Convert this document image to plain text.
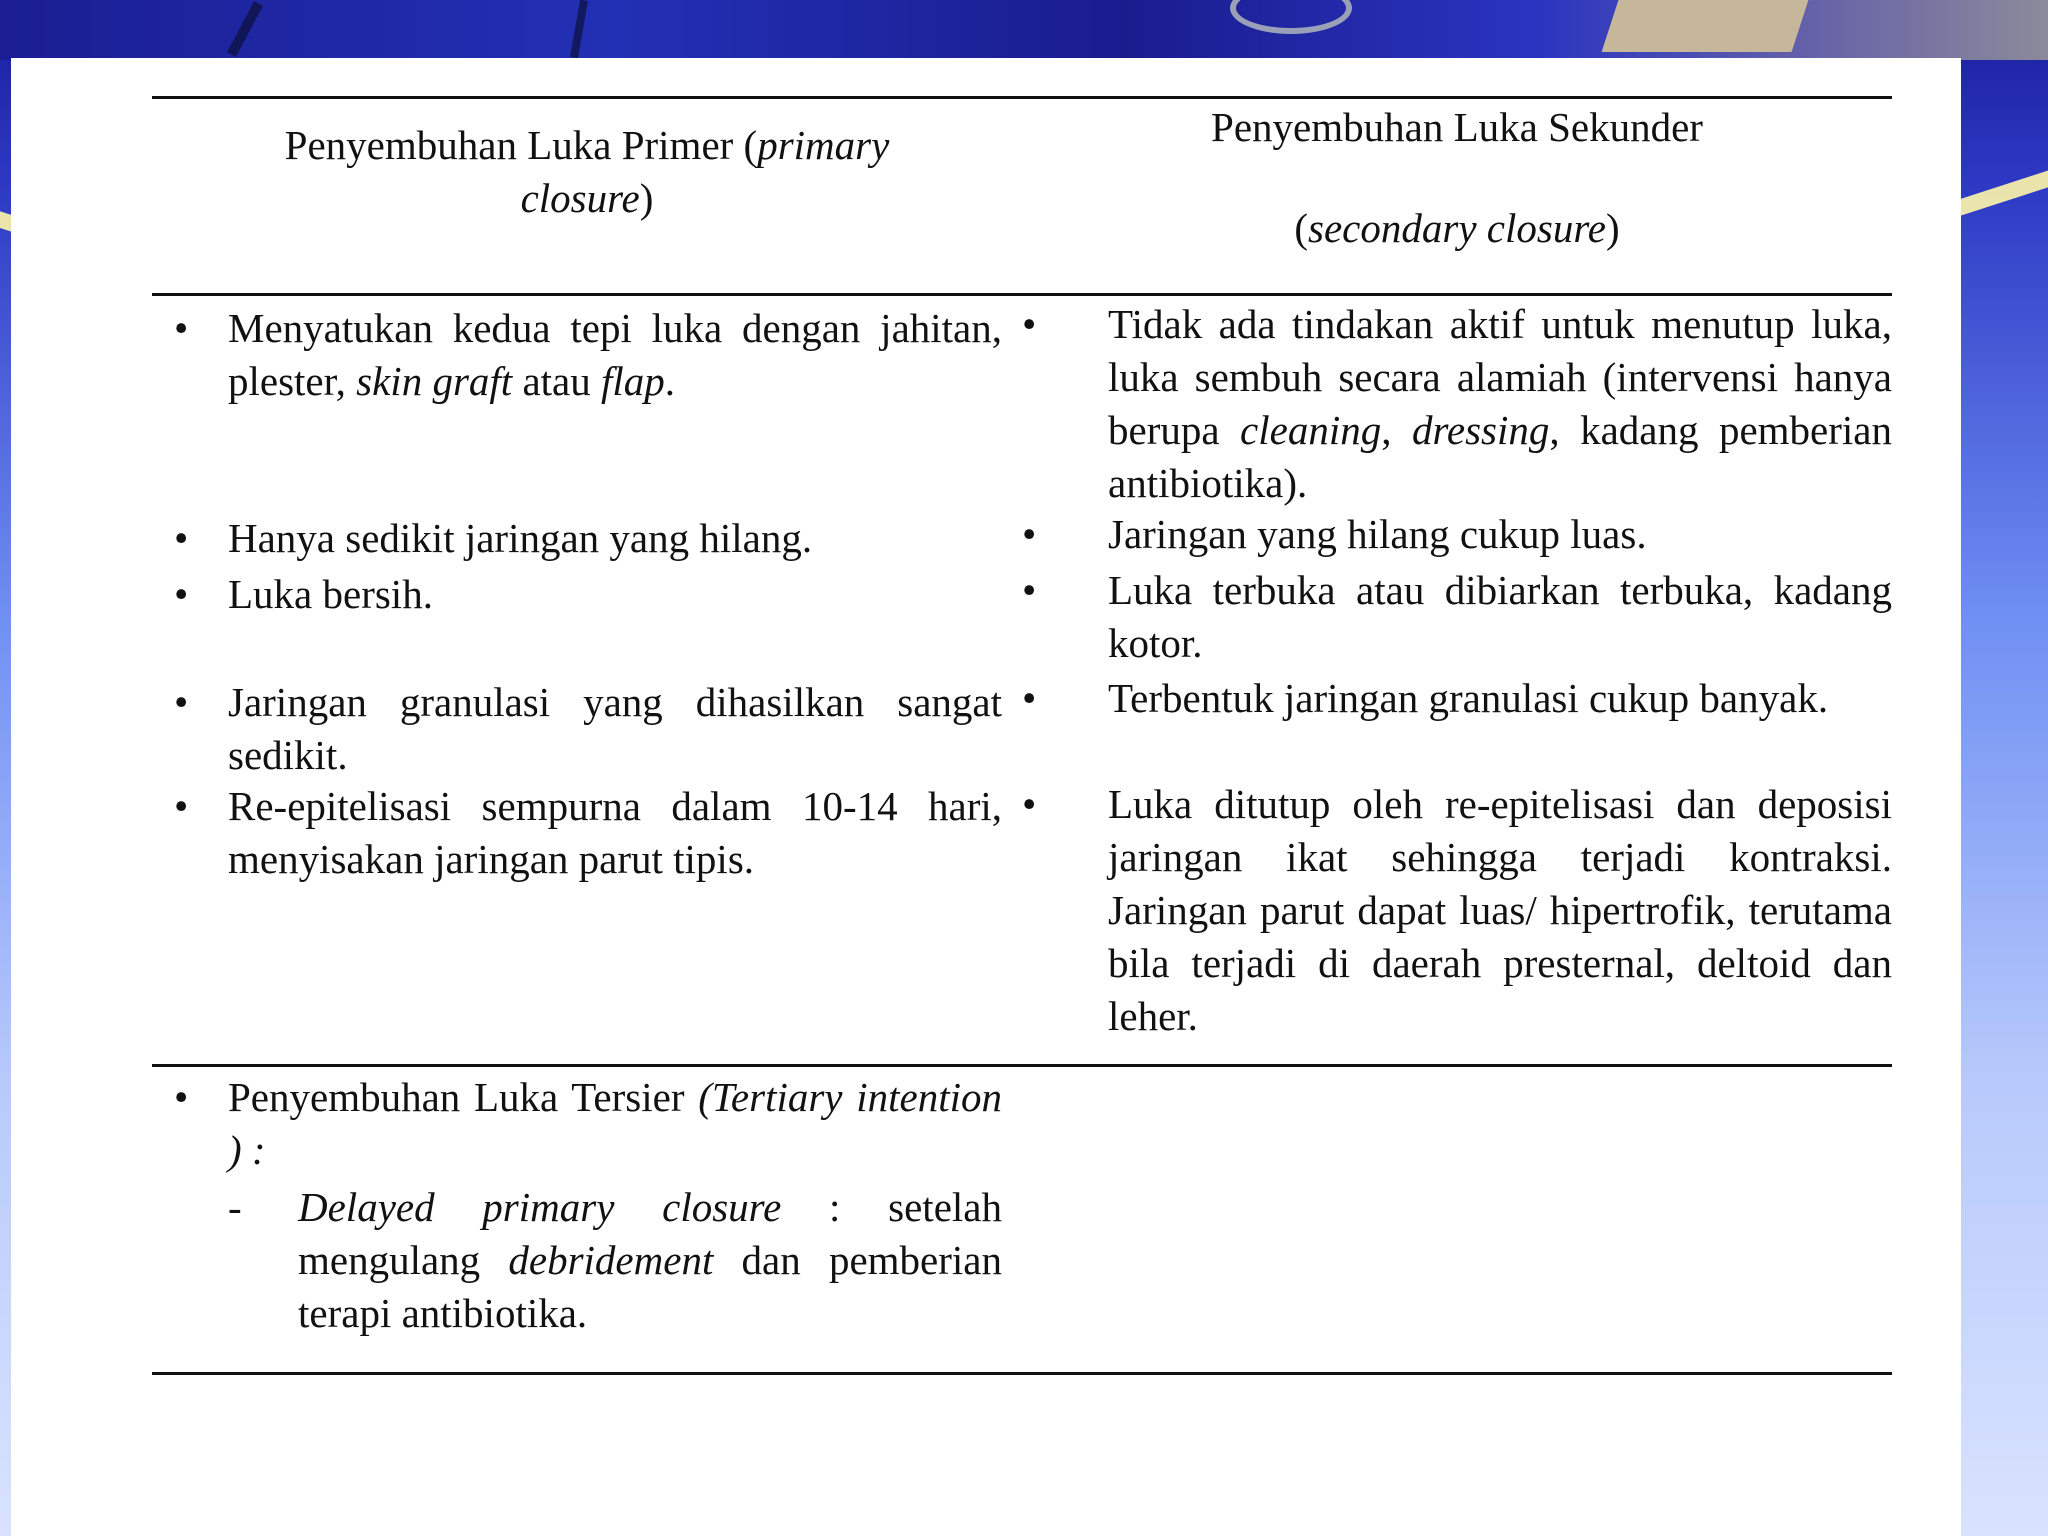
Penyembuhan Luka Primer (primary
closure)
Penyembuhan Luka Sekunder
(secondary closure)
• Menyatukan kedua tepi luka dengan jahitan, plester, skin graft atau flap.
• Hanya sedikit jaringan yang hilang.
• Luka bersih.
• Jaringan granulasi yang dihasilkan sangat sedikit.
• Re-epitelisasi sempurna dalam 10-14 hari, menyisakan jaringan parut tipis.
• Tidak ada tindakan aktif untuk menutup luka, luka sembuh secara alamiah (intervensi hanya berupa cleaning, dressing, kadang pemberian antibiotika).
• Jaringan yang hilang cukup luas.
• Luka terbuka atau dibiarkan terbuka, kadang kotor.
• Terbentuk jaringan granulasi cukup banyak.
• Luka ditutup oleh re-epitelisasi dan deposisi jaringan ikat sehingga terjadi kontraksi. Jaringan parut dapat luas/ hipertrofik, terutama bila terjadi di daerah presternal, deltoid dan leher.
• Penyembuhan Luka Tersier (Tertiary intention ) :
-	Delayed primary closure : setelah mengulang debridement dan pemberian terapi antibiotika.
